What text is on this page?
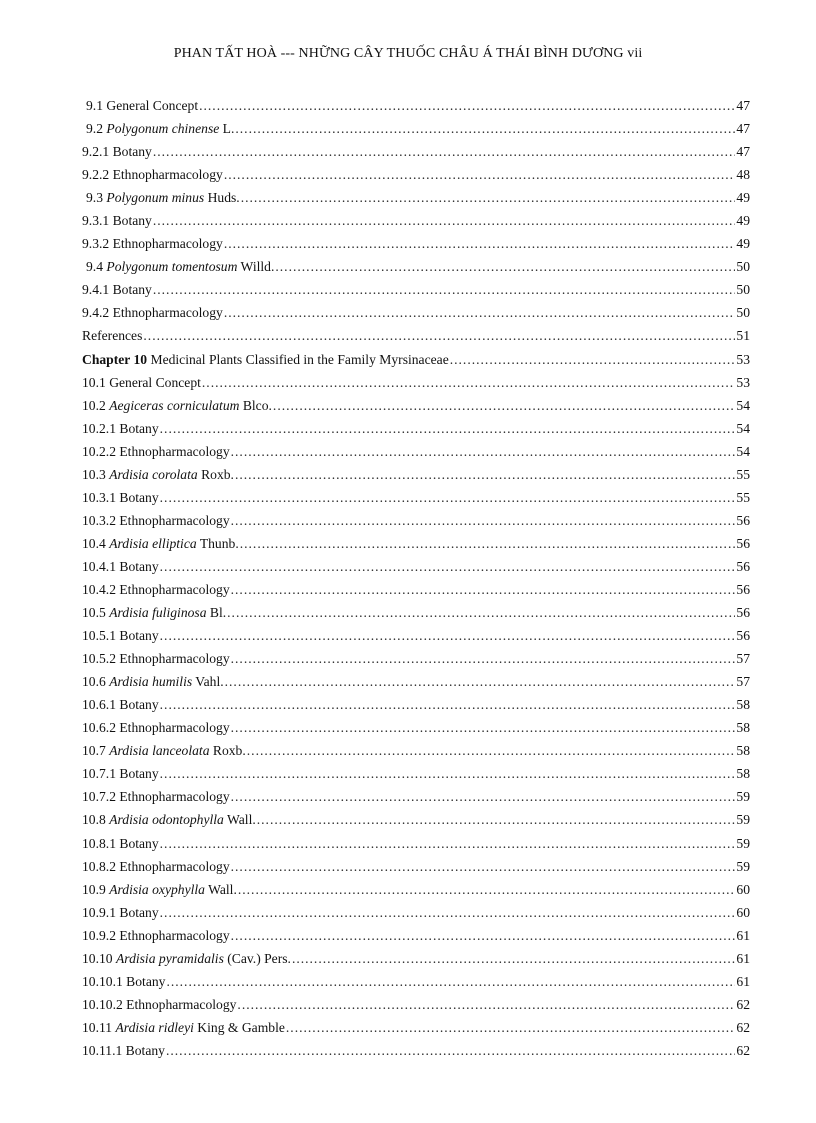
PHAN TẤT HOÀ --- NHỮNG CÂY THUỐC CHÂU Á THÁI BÌNH DƯƠNG vii
9.1 General Concept .....	47
9.2 Polygonum chinense L. .....	47
9.2.1 Botany .....	47
9.2.2 Ethnopharmacology .....	48
9.3 Polygonum minus Huds. .....	49
9.3.1 Botany .....	49
9.3.2 Ethnopharmacology .....	49
9.4 Polygonum tomentosum Willd. .....	50
9.4.1 Botany .....	50
9.4.2 Ethnopharmacology .....	50
References .....	51
Chapter 10 Medicinal Plants Classified in the Family Myrsinaceae .....	53
10.1 General Concept .....	53
10.2 Aegiceras corniculatum Blco. .....	54
10.2.1 Botany .....	54
10.2.2 Ethnopharmacology .....	54
10.3 Ardisia corolata Roxb. .....	55
10.3.1 Botany .....	55
10.3.2 Ethnopharmacology .....	56
10.4 Ardisia elliptica Thunb. .....	56
10.4.1 Botany .....	56
10.4.2 Ethnopharmacology .....	56
10.5 Ardisia fuliginosa Bl. .....	56
10.5.1 Botany .....	56
10.5.2 Ethnopharmacology .....	57
10.6 Ardisia humilis Vahl. .....	57
10.6.1 Botany .....	58
10.6.2 Ethnopharmacology .....	58
10.7 Ardisia lanceolata Roxb. .....	58
10.7.1 Botany .....	58
10.7.2 Ethnopharmacology .....	59
10.8 Ardisia odontophylla Wall. .....	59
10.8.1 Botany .....	59
10.8.2 Ethnopharmacology .....	59
10.9 Ardisia oxyphylla Wall. .....	60
10.9.1 Botany .....	60
10.9.2 Ethnopharmacology .....	61
10.10 Ardisia pyramidalis (Cav.) Pers. .....	61
10.10.1 Botany .....	61
10.10.2 Ethnopharmacology .....	62
10.11 Ardisia ridleyi King & Gamble .....	62
10.11.1 Botany .....	62
